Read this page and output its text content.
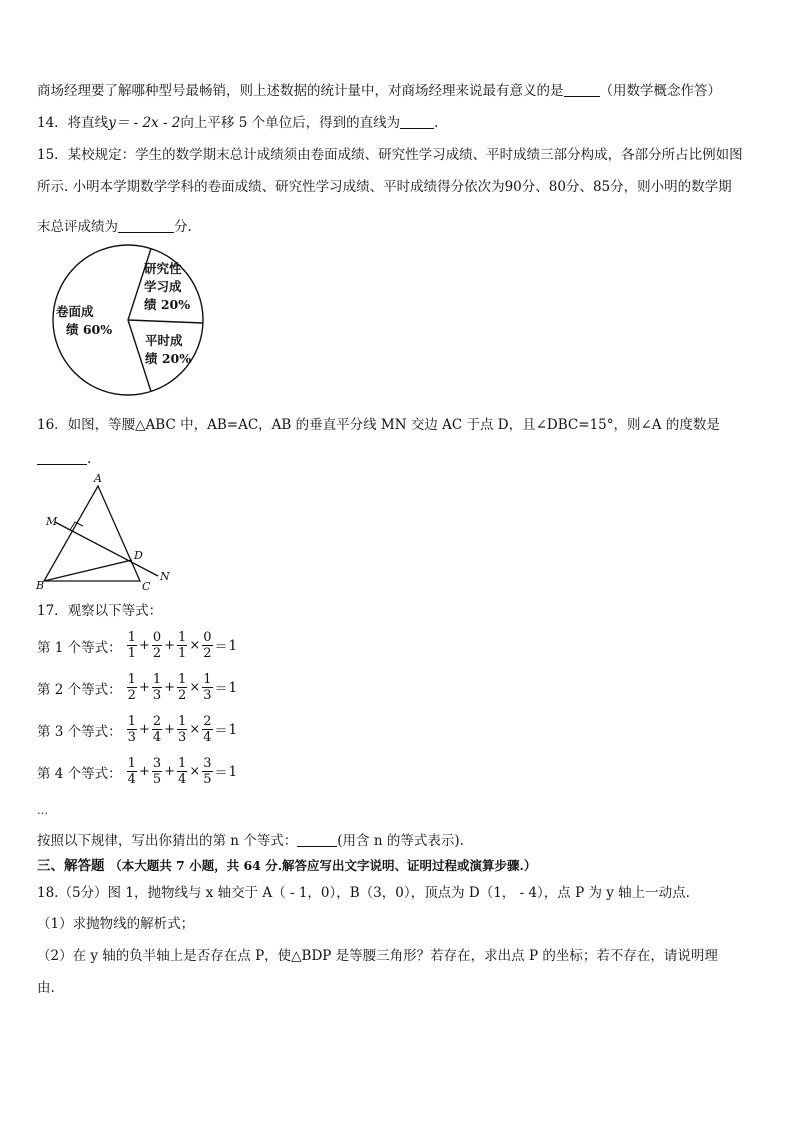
商场经理要了解哪种型号最畅销，则上述数据的统计量中，对商场经理来说最有意义的是	（用数学概念作答）
14．将直线y＝ - 2x - 2向上平移 5 个单位后，得到的直线为	.
15．某校规定：学生的数学期末总计成绩须由卷面成绩、研究性学习成绩、平时成绩三部分构成，各部分所占比例如图
所示. 小明本学期数学学科的卷面成绩、研究性学习成绩、平时成绩得分依次为90分、80分、85分，则小明的数学期
末总评成绩为	分.
卷面成
绩 60%
研究性
学习成
绩 20%
平时成
绩 20%
16．如图，等腰△ABC 中，AB=AC，AB 的垂直平分线 MN 交边 AC 于点 D，且∠DBC=15°，则∠A 的度数是
.
A
M
D
B	C
N
17．观察以下等式：
第 1 个等式： $\frac{1}{1} + \frac{0}{2} + \frac{1}{1} \times \frac{0}{2} = 1$
第 2 个等式： $\frac{1}{2} + \frac{1}{3} + \frac{1}{2} \times \frac{1}{3} = 1$
第 3 个等式： $\frac{1}{3} + \frac{2}{4} + \frac{1}{3} \times \frac{2}{4} = 1$
第 4 个等式： $\frac{1}{4} + \frac{3}{5} + \frac{1}{4} \times \frac{3}{5} = 1$
…
按照以下规律，写出你猜出的第 n 个等式：	(用含 n 的等式表示).
三、解答题 （本大题共 7 小题，共 64 分.解答应写出文字说明、证明过程或演算步骤.）
18.（5分）图 1，抛物线与 x 轴交于 A（ - 1，0），B（3，0），顶点为 D（1， - 4），点 P 为 y 轴上一动点.
（1）求抛物线的解析式；
（2）在 y 轴的负半轴上是否存在点 P，使△BDP 是等腰三角形？若存在，求出点 P 的坐标；若不存在，请说明理
由.
